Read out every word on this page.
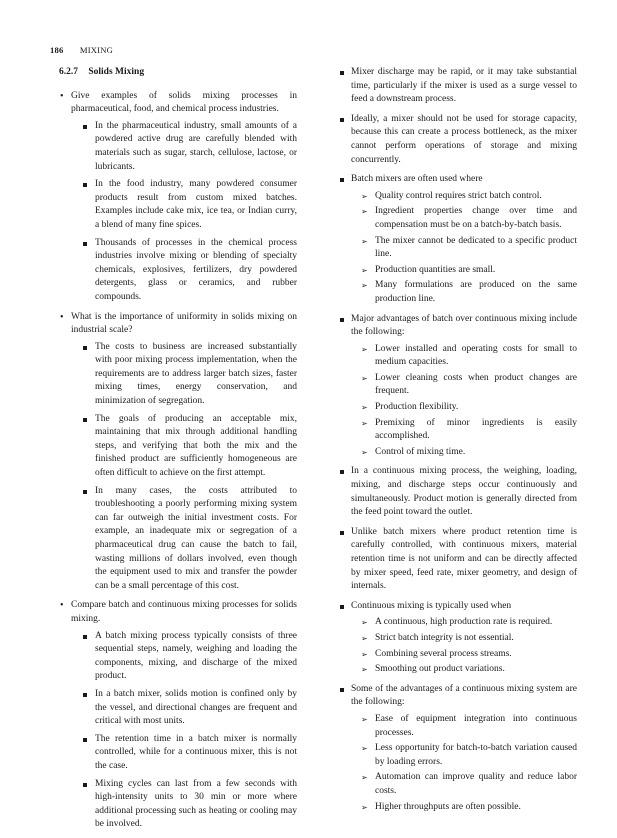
186 MIXING
6.2.7 Solids Mixing
• Give examples of solids mixing processes in pharmaceutical, food, and chemical process industries.
In the pharmaceutical industry, small amounts of a powdered active drug are carefully blended with materials such as sugar, starch, cellulose, lactose, or lubricants.
In the food industry, many powdered consumer products result from custom mixed batches. Examples include cake mix, ice tea, or Indian curry, a blend of many fine spices.
Thousands of processes in the chemical process industries involve mixing or blending of specialty chemicals, explosives, fertilizers, dry powdered detergents, glass or ceramics, and rubber compounds.
• What is the importance of uniformity in solids mixing on industrial scale?
The costs to business are increased substantially with poor mixing process implementation, when the requirements are to address larger batch sizes, faster mixing times, energy conservation, and minimization of segregation.
The goals of producing an acceptable mix, maintaining that mix through additional handling steps, and verifying that both the mix and the finished product are sufficiently homogeneous are often difficult to achieve on the first attempt.
In many cases, the costs attributed to troubleshooting a poorly performing mixing system can far outweigh the initial investment costs. For example, an inadequate mix or segregation of a pharmaceutical drug can cause the batch to fail, wasting millions of dollars involved, even though the equipment used to mix and transfer the powder can be a small percentage of this cost.
• Compare batch and continuous mixing processes for solids mixing.
A batch mixing process typically consists of three sequential steps, namely, weighing and loading the components, mixing, and discharge of the mixed product.
In a batch mixer, solids motion is confined only by the vessel, and directional changes are frequent and critical with most units.
The retention time in a batch mixer is normally controlled, while for a continuous mixer, this is not the case.
Mixing cycles can last from a few seconds with high-intensity units to 30 min or more where additional processing such as heating or cooling may be involved.
Mixer discharge may be rapid, or it may take substantial time, particularly if the mixer is used as a surge vessel to feed a downstream process.
Ideally, a mixer should not be used for storage capacity, because this can create a process bottleneck, as the mixer cannot perform operations of storage and mixing concurrently.
Batch mixers are often used where
➢ Quality control requires strict batch control.
➢ Ingredient properties change over time and compensation must be on a batch-by-batch basis.
➢ The mixer cannot be dedicated to a specific product line.
➢ Production quantities are small.
➢ Many formulations are produced on the same production line.
Major advantages of batch over continuous mixing include the following:
➢ Lower installed and operating costs for small to medium capacities.
➢ Lower cleaning costs when product changes are frequent.
➢ Production flexibility.
➢ Premixing of minor ingredients is easily accomplished.
➢ Control of mixing time.
In a continuous mixing process, the weighing, loading, mixing, and discharge steps occur continuously and simultaneously. Product motion is generally directed from the feed point toward the outlet.
Unlike batch mixers where product retention time is carefully controlled, with continuous mixers, material retention time is not uniform and can be directly affected by mixer speed, feed rate, mixer geometry, and design of internals.
Continuous mixing is typically used when
➢ A continuous, high production rate is required.
➢ Strict batch integrity is not essential.
➢ Combining several process streams.
➢ Smoothing out product variations.
Some of the advantages of a continuous mixing system are the following:
➢ Ease of equipment integration into continuous processes.
➢ Less opportunity for batch-to-batch variation caused by loading errors.
➢ Automation can improve quality and reduce labor costs.
➢ Higher throughputs are often possible.
